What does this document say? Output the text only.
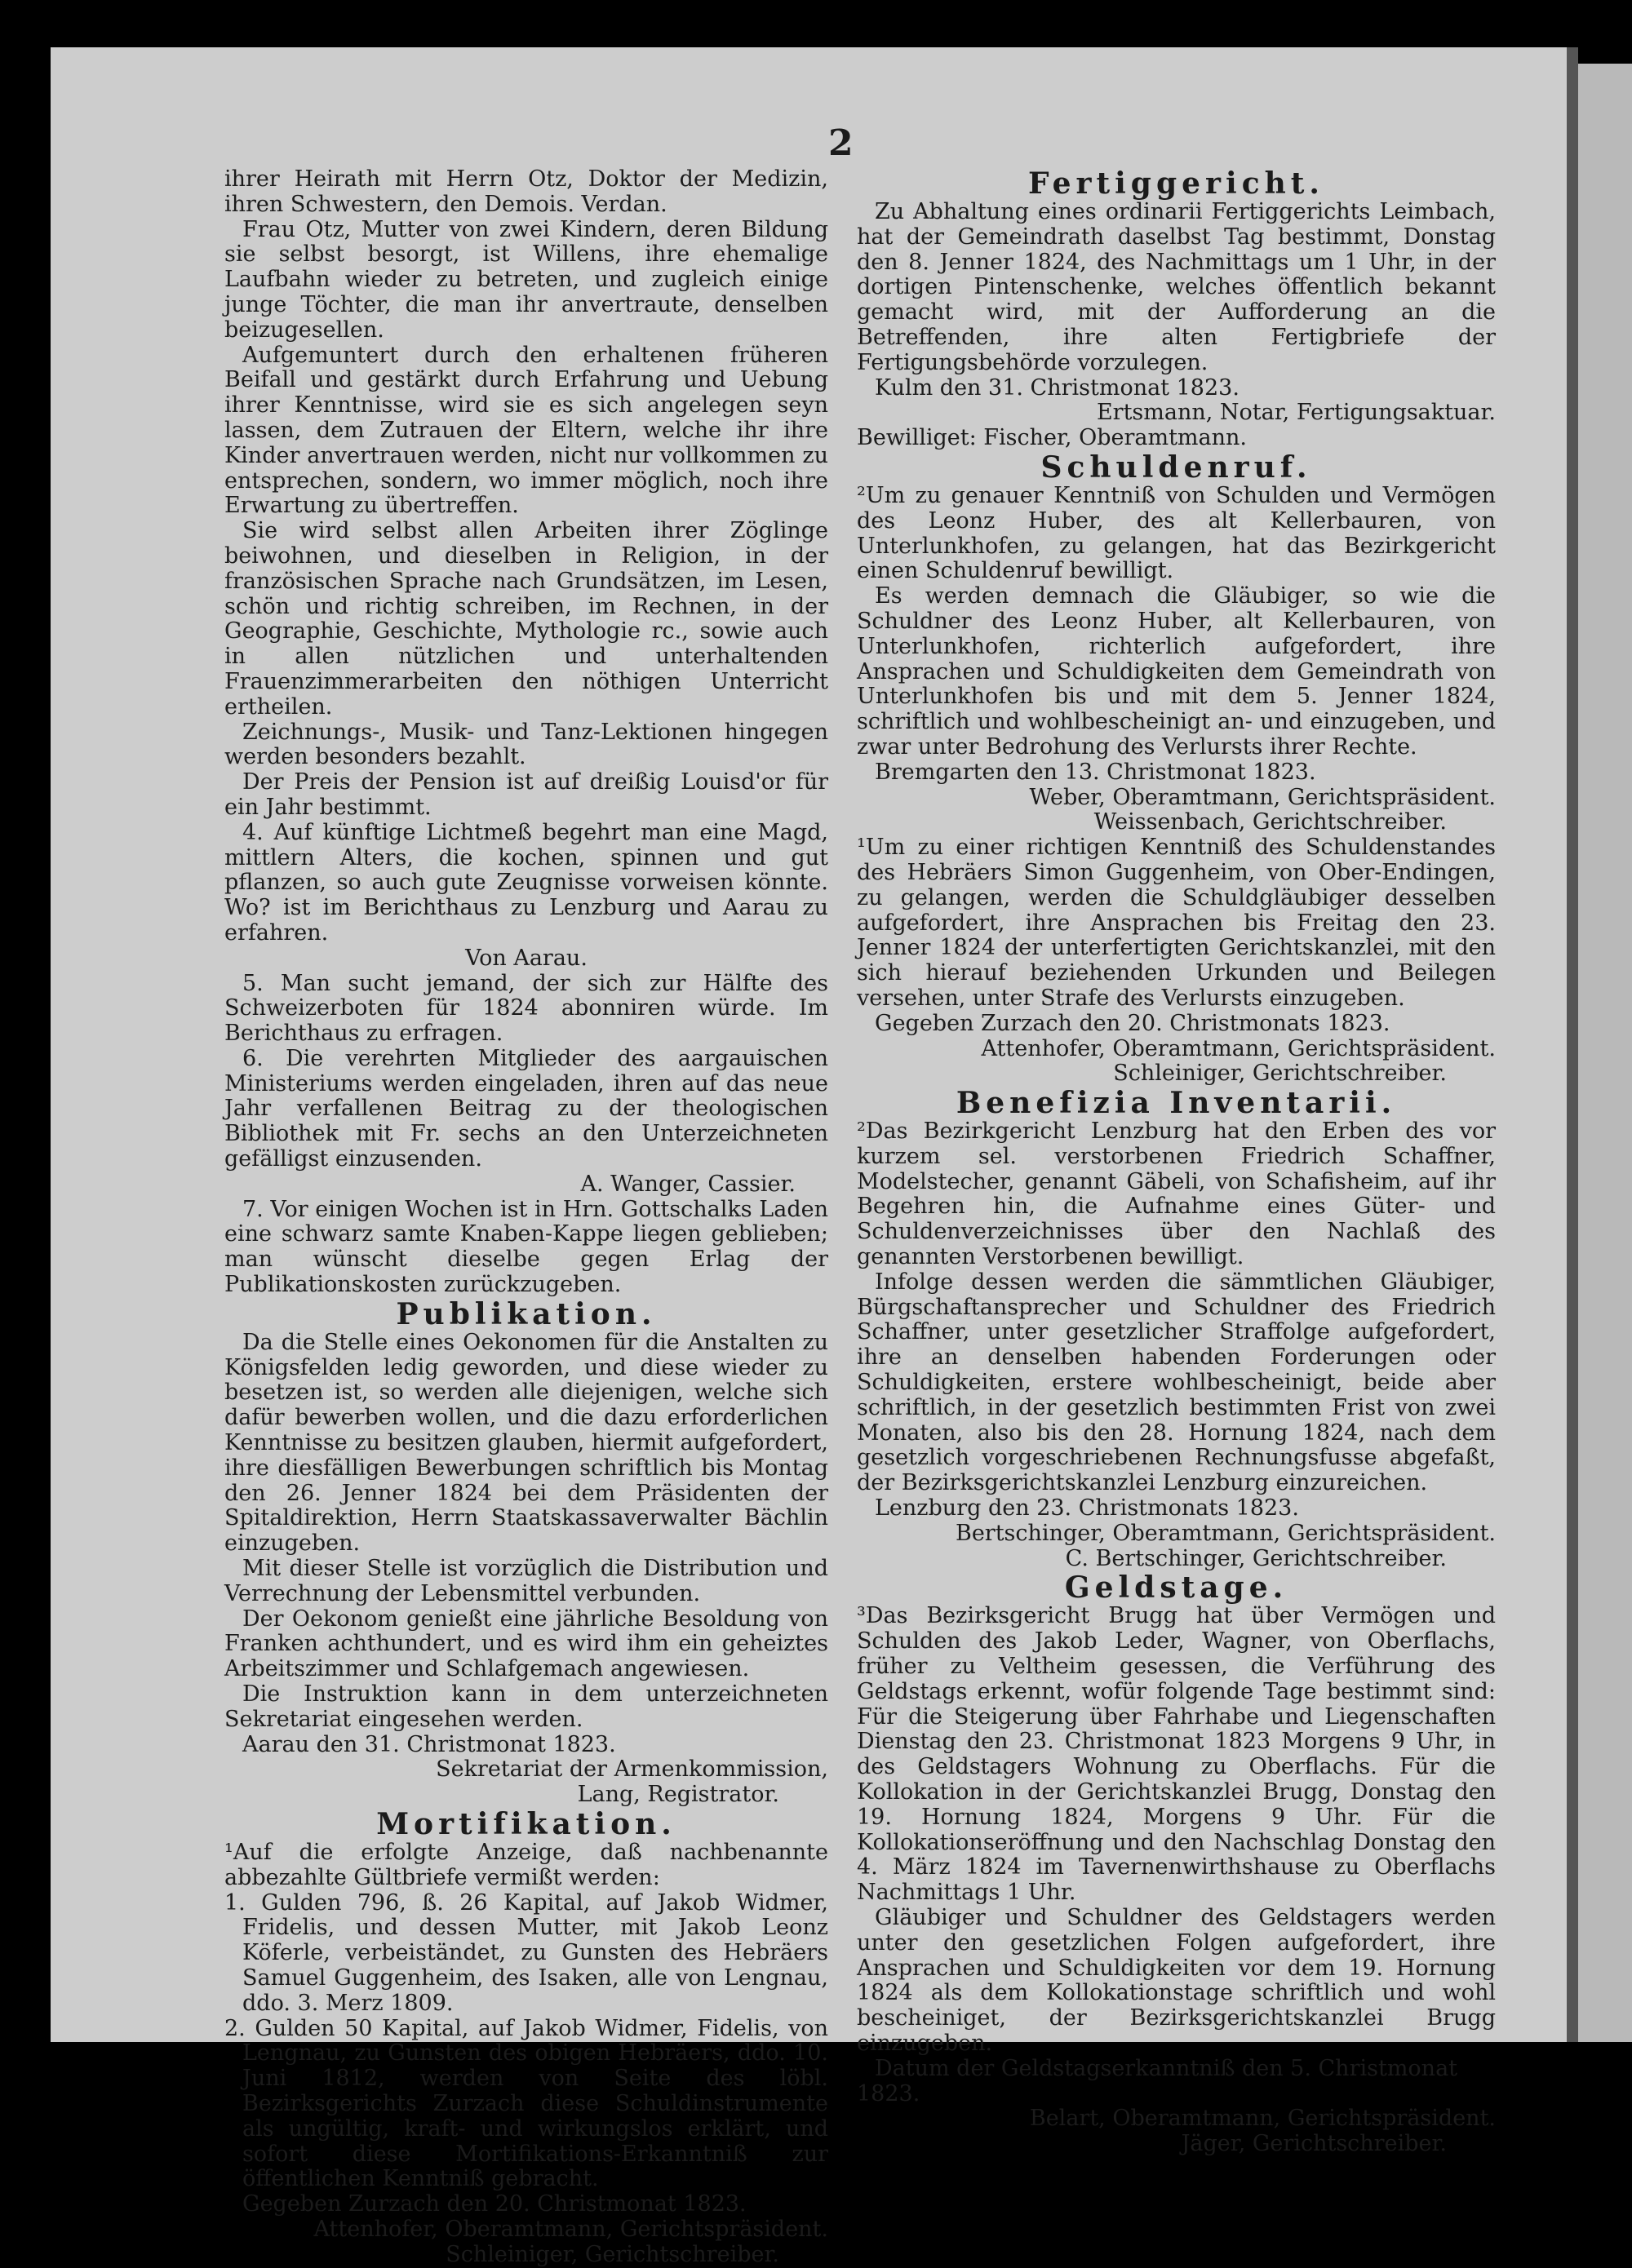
2
ihrer Heirath mit Herrn Otz, Doktor der Medizin, ihren Schwestern, den Demois. Verdan.
Frau Otz, Mutter von zwei Kindern, deren Bildung sie selbst besorgt, ist Willens, ihre ehemalige Laufbahn wieder zu betreten, und zugleich einige junge Töchter, die man ihr anvertraute, denselben beizugesellen.
Aufgemuntert durch den erhaltenen früheren Beifall und gestärkt durch Erfahrung und Uebung ihrer Kenntnisse, wird sie es sich angelegen seyn lassen, dem Zutrauen der Eltern, welche ihr ihre Kinder anvertrauen werden, nicht nur vollkommen zu entsprechen, sondern, wo immer möglich, noch ihre Erwartung zu übertreffen.
Sie wird selbst allen Arbeiten ihrer Zöglinge beiwohnen, und dieselben in Religion, in der französischen Sprache nach Grundsätzen, im Lesen, schön und richtig schreiben, im Rechnen, in der Geographie, Geschichte, Mythologie rc., sowie auch in allen nützlichen und unterhaltenden Frauenzimmerarbeiten den nöthigen Unterricht ertheilen.
Zeichnungs-, Musik- und Tanz-Lektionen hingegen werden besonders bezahlt.
Der Preis der Pension ist auf dreißig Louisd'or für ein Jahr bestimmt.
4. Auf künftige Lichtmeß begehrt man eine Magd, mittlern Alters, die kochen, spinnen und gut pflanzen, so auch gute Zeugnisse vorweisen könnte. Wo? ist im Berichthaus zu Lenzburg und Aarau zu erfahren.
Von Aarau.
5. Man sucht jemand, der sich zur Hälfte des Schweizerboten für 1824 abonniren würde. Im Berichthaus zu erfragen.
6. Die verehrten Mitglieder des aargauischen Ministeriums werden eingeladen, ihren auf das neue Jahr verfallenen Beitrag zu der theologischen Bibliothek mit Fr. sechs an den Unterzeichneten gefälligst einzusenden.
A. Wanger, Cassier.
7. Vor einigen Wochen ist in Hrn. Gottschalks Laden eine schwarz samte Knaben-Kappe liegen geblieben; man wünscht dieselbe gegen Erlag der Publikationskosten zurückzugeben.
Publikation.
Da die Stelle eines Oekonomen für die Anstalten zu Königsfelden ledig geworden, und diese wieder zu besetzen ist, so werden alle diejenigen, welche sich dafür bewerben wollen, und die dazu erforderlichen Kenntnisse zu besitzen glauben, hiermit aufgefordert, ihre diesfälligen Bewerbungen schriftlich bis Montag den 26. Jenner 1824 bei dem Präsidenten der Spitaldirektion, Herrn Staatskassaverwalter Bächlin einzugeben.
Mit dieser Stelle ist vorzüglich die Distribution und Verrechnung der Lebensmittel verbunden.
Der Oekonom genießt eine jährliche Besoldung von Franken achthundert, und es wird ihm ein geheiztes Arbeitszimmer und Schlafgemach angewiesen.
Die Instruktion kann in dem unterzeichneten Sekretariat eingesehen werden.
Aarau den 31. Christmonat 1823.
Sekretariat der Armenkommission,
Lang, Registrator.
Mortifikation.
¹Auf die erfolgte Anzeige, daß nachbenannte abbezahlte Gültbriefe vermißt werden:
1. Gulden 796, ß. 26 Kapital, auf Jakob Widmer, Fridelis, und dessen Mutter, mit Jakob Leonz Köferle, verbeiständet, zu Gunsten des Hebräers Samuel Guggenheim, des Isaken, alle von Lengnau, ddo. 3. Merz 1809.
2. Gulden 50 Kapital, auf Jakob Widmer, Fidelis, von Lengnau, zu Gunsten des obigen Hebräers, ddo. 10. Juni 1812, werden von Seite des löbl. Bezirksgerichts Zurzach diese Schuldinstrumente als ungültig, kraft- und wirkungslos erklärt, und sofort diese Mortifikations-Erkanntniß zur öffentlichen Kenntniß gebracht.
Gegeben Zurzach den 20. Christmonat 1823.
Attenhofer, Oberamtmann, Gerichtspräsident.
Schleiniger, Gerichtschreiber.
Fertiggericht.
Zu Abhaltung eines ordinarii Fertiggerichts Leimbach, hat der Gemeindrath daselbst Tag bestimmt, Donstag den 8. Jenner 1824, des Nachmittags um 1 Uhr, in der dortigen Pintenschenke, welches öffentlich bekannt gemacht wird, mit der Aufforderung an die Betreffenden, ihre alten Fertigbriefe der Fertigungsbehörde vorzulegen.
Kulm den 31. Christmonat 1823.
Ertsmann, Notar, Fertigungsaktuar.
Bewilliget: Fischer, Oberamtmann.
Schuldenruf.
²Um zu genauer Kenntniß von Schulden und Vermögen des Leonz Huber, des alt Kellerbauren, von Unterlunkhofen, zu gelangen, hat das Bezirkgericht einen Schuldenruf bewilligt.
Es werden demnach die Gläubiger, so wie die Schuldner des Leonz Huber, alt Kellerbauren, von Unterlunkhofen, richterlich aufgefordert, ihre Ansprachen und Schuldigkeiten dem Gemeindrath von Unterlunkhofen bis und mit dem 5. Jenner 1824, schriftlich und wohlbescheinigt an- und einzugeben, und zwar unter Bedrohung des Verlursts ihrer Rechte.
Bremgarten den 13. Christmonat 1823.
Weber, Oberamtmann, Gerichtspräsident.
Weissenbach, Gerichtschreiber.
¹Um zu einer richtigen Kenntniß des Schuldenstandes des Hebräers Simon Guggenheim, von Ober-Endingen, zu gelangen, werden die Schuldgläubiger desselben aufgefordert, ihre Ansprachen bis Freitag den 23. Jenner 1824 der unterfertigten Gerichtskanzlei, mit den sich hierauf beziehenden Urkunden und Beilegen versehen, unter Strafe des Verlursts einzugeben.
Gegeben Zurzach den 20. Christmonats 1823.
Attenhofer, Oberamtmann, Gerichtspräsident.
Schleiniger, Gerichtschreiber.
Benefizia Inventarii.
²Das Bezirkgericht Lenzburg hat den Erben des vor kurzem sel. verstorbenen Friedrich Schaffner, Modelstecher, genannt Gäbeli, von Schafisheim, auf ihr Begehren hin, die Aufnahme eines Güter- und Schuldenverzeichnisses über den Nachlaß des genannten Verstorbenen bewilligt.
Infolge dessen werden die sämmtlichen Gläubiger, Bürgschaftansprecher und Schuldner des Friedrich Schaffner, unter gesetzlicher Straffolge aufgefordert, ihre an denselben habenden Forderungen oder Schuldigkeiten, erstere wohlbescheinigt, beide aber schriftlich, in der gesetzlich bestimmten Frist von zwei Monaten, also bis den 28. Hornung 1824, nach dem gesetzlich vorgeschriebenen Rechnungsfusse abgefaßt, der Bezirksgerichtskanzlei Lenzburg einzureichen.
Lenzburg den 23. Christmonats 1823.
Bertschinger, Oberamtmann, Gerichtspräsident.
C. Bertschinger, Gerichtschreiber.
Geldstage.
³Das Bezirksgericht Brugg hat über Vermögen und Schulden des Jakob Leder, Wagner, von Oberflachs, früher zu Veltheim gesessen, die Verführung des Geldstags erkennt, wofür folgende Tage bestimmt sind: Für die Steigerung über Fahrhabe und Liegenschaften Dienstag den 23. Christmonat 1823 Morgens 9 Uhr, in des Geldstagers Wohnung zu Oberflachs. Für die Kollokation in der Gerichtskanzlei Brugg, Donstag den 19. Hornung 1824, Morgens 9 Uhr. Für die Kollokationseröffnung und den Nachschlag Donstag den 4. März 1824 im Tavernenwirthshause zu Oberflachs Nachmittags 1 Uhr.
Gläubiger und Schuldner des Geldstagers werden unter den gesetzlichen Folgen aufgefordert, ihre Ansprachen und Schuldigkeiten vor dem 19. Hornung 1824 als dem Kollokationstage schriftlich und wohl bescheiniget, der Bezirksgerichtskanzlei Brugg einzugeben.
Datum der Geldstagserkanntniß den 5. Christmonat 1823.
Belart, Oberamtmann, Gerichtspräsident.
Jäger, Gerichtschreiber.
